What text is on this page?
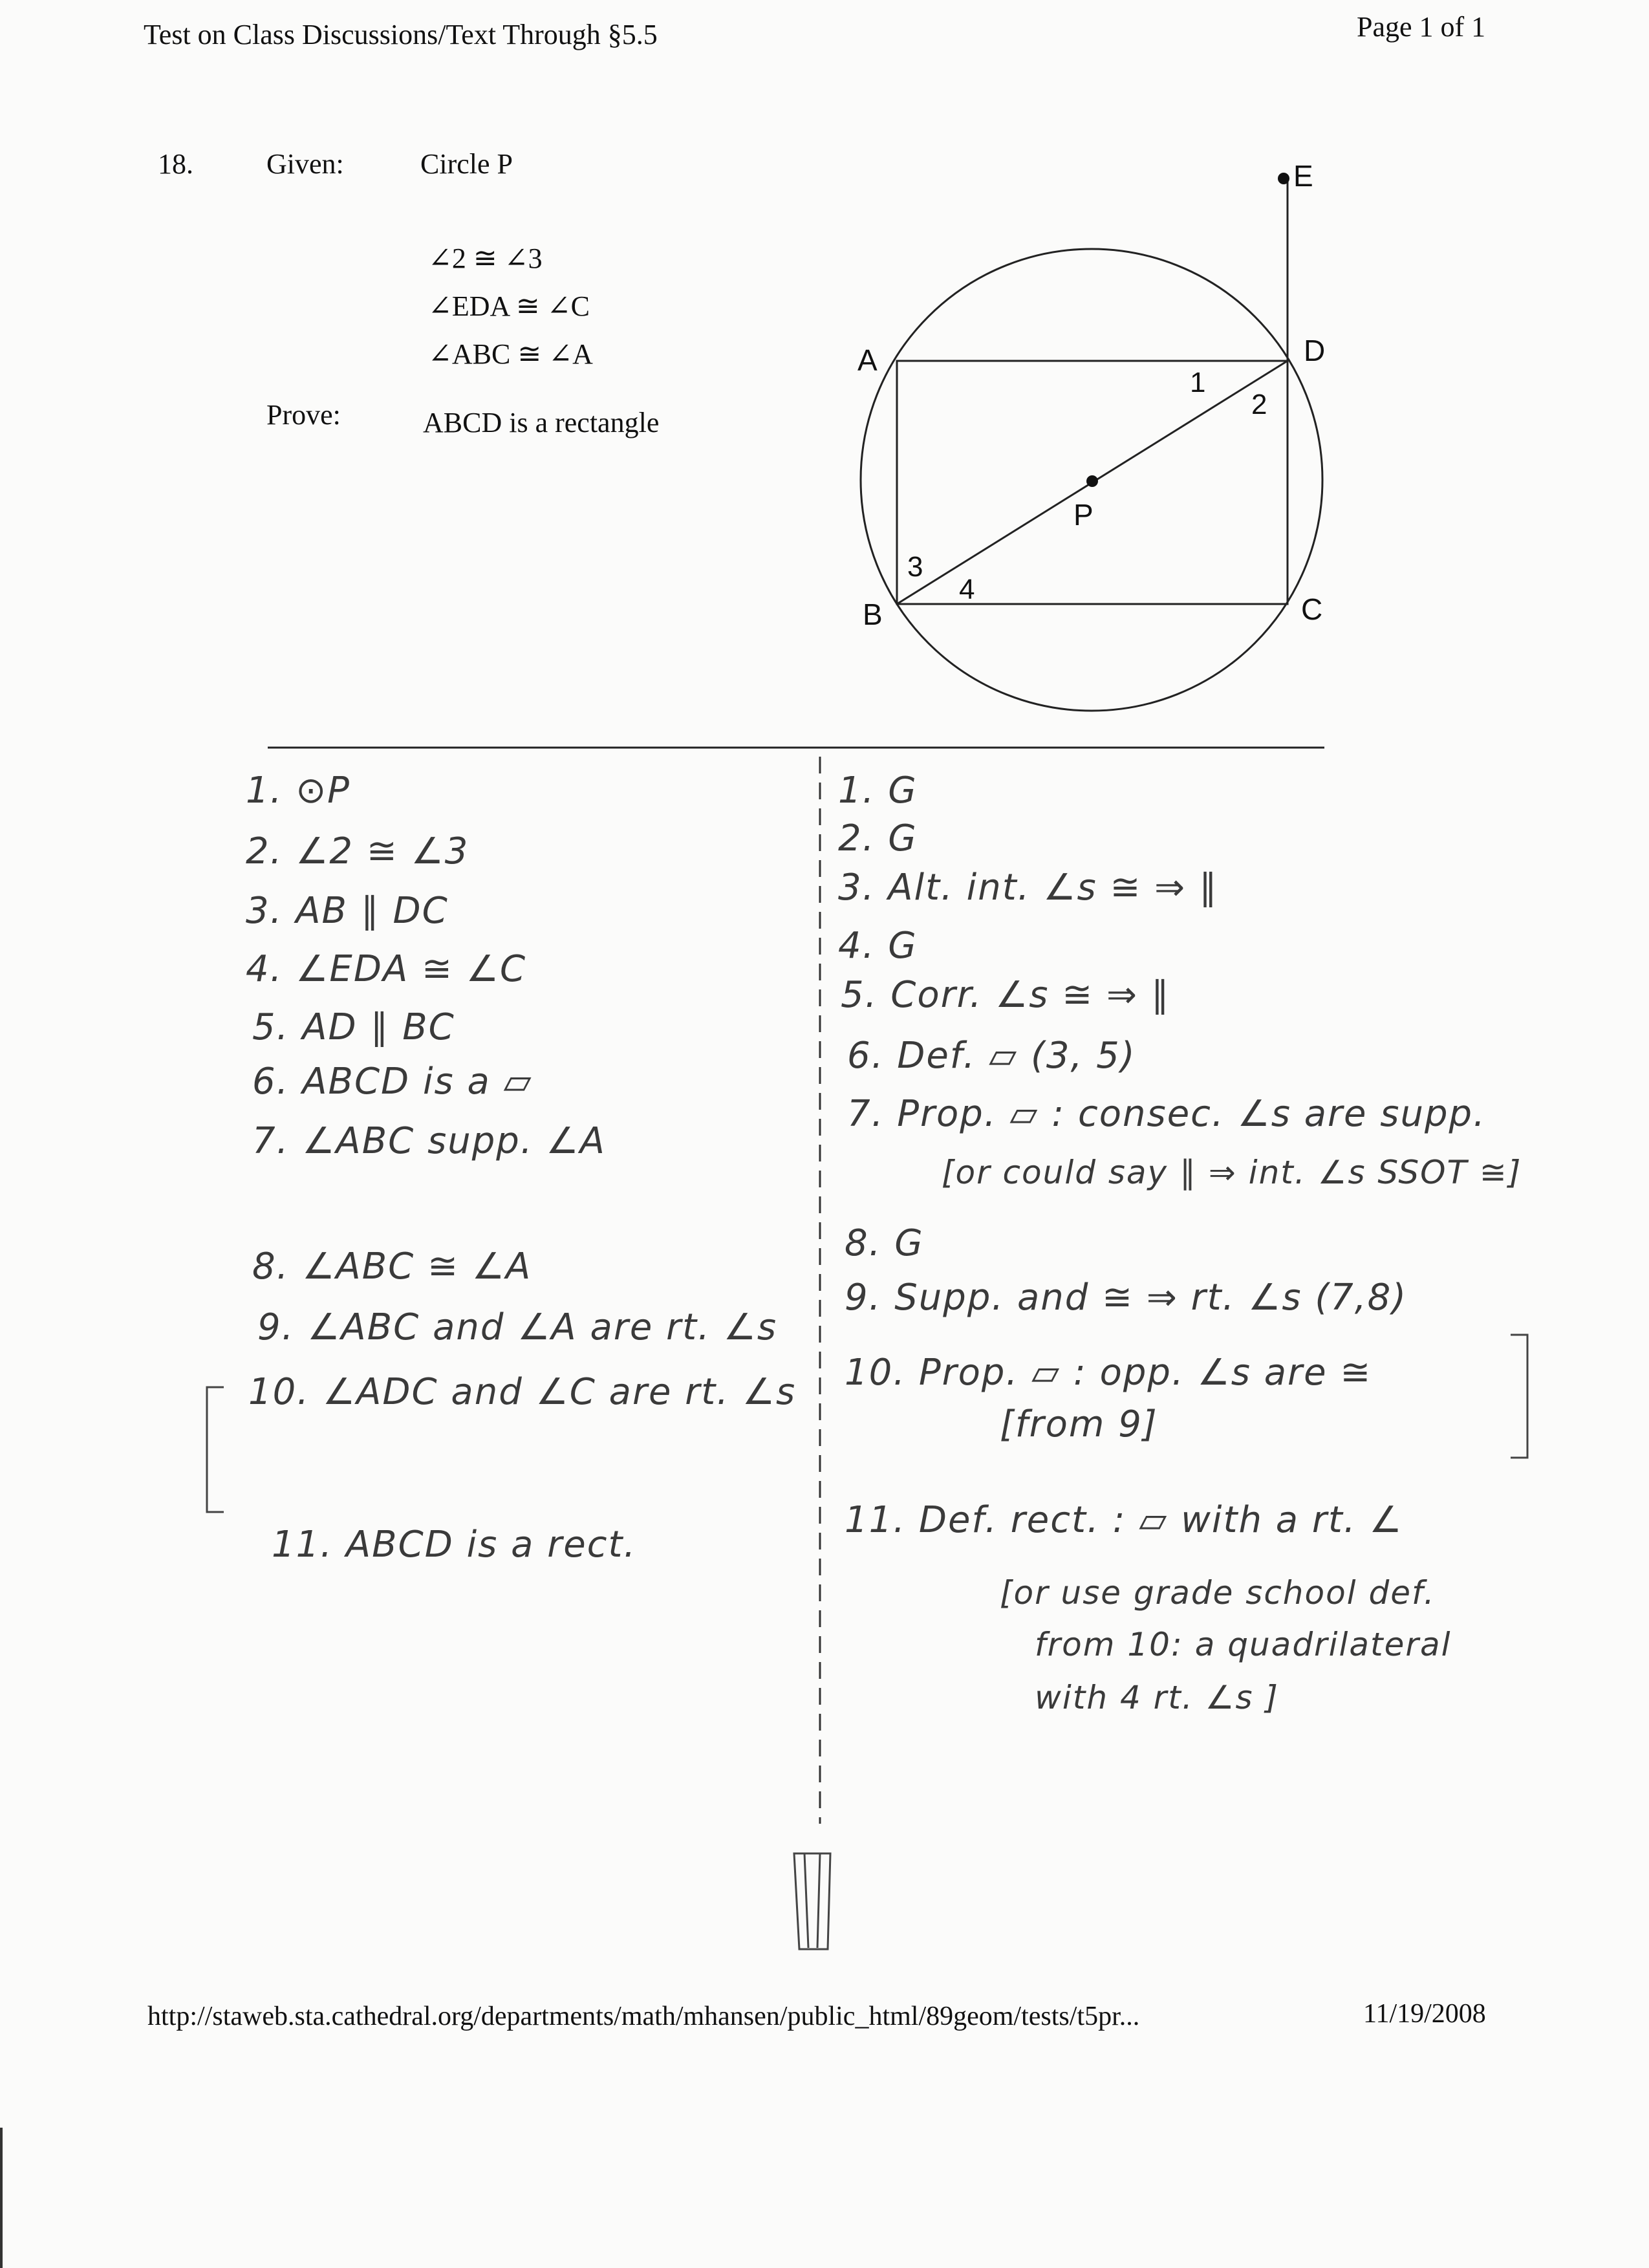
Test on Class Discussions/Text Through §5.5	Page 1 of 1
18.	Given:	Circle P
∠2 ≅ ∠3
∠EDA ≅ ∠C
∠ABC ≅ ∠A
Prove:	ABCD is a rectangle
E
A	D
B	C
P
1
2
3
4
1. ⊙P
2. ∠2 ≅ ∠3
3. AB ∥ DC
4. ∠EDA ≅ ∠C
5. AD ∥ BC
6. ABCD is a ▱
7. ∠ABC supp. ∠A
8. ∠ABC ≅ ∠A
9. ∠ABC and ∠A are rt. ∠s
10. ∠ADC and ∠C are rt. ∠s
11. ABCD is a rect.
1. G
2. G
3. Alt. int. ∠s ≅ ⇒ ∥
4. G
5. Corr. ∠s ≅ ⇒ ∥
6. Def. ▱ (3, 5)
7. Prop. ▱ : consec. ∠s are supp.
[or could say ∥ ⇒ int. ∠s SSOT ≅]
8. G
9. Supp. and ≅ ⇒ rt. ∠s (7,8)
10. Prop. ▱ : opp. ∠s are ≅
[from 9]
11. Def. rect. : ▱ with a rt. ∠
[or use grade school def.
from 10: a quadrilateral
with 4 rt. ∠s ]
http://staweb.sta.cathedral.org/departments/math/mhansen/public_html/89geom/tests/t5pr...	11/19/2008
